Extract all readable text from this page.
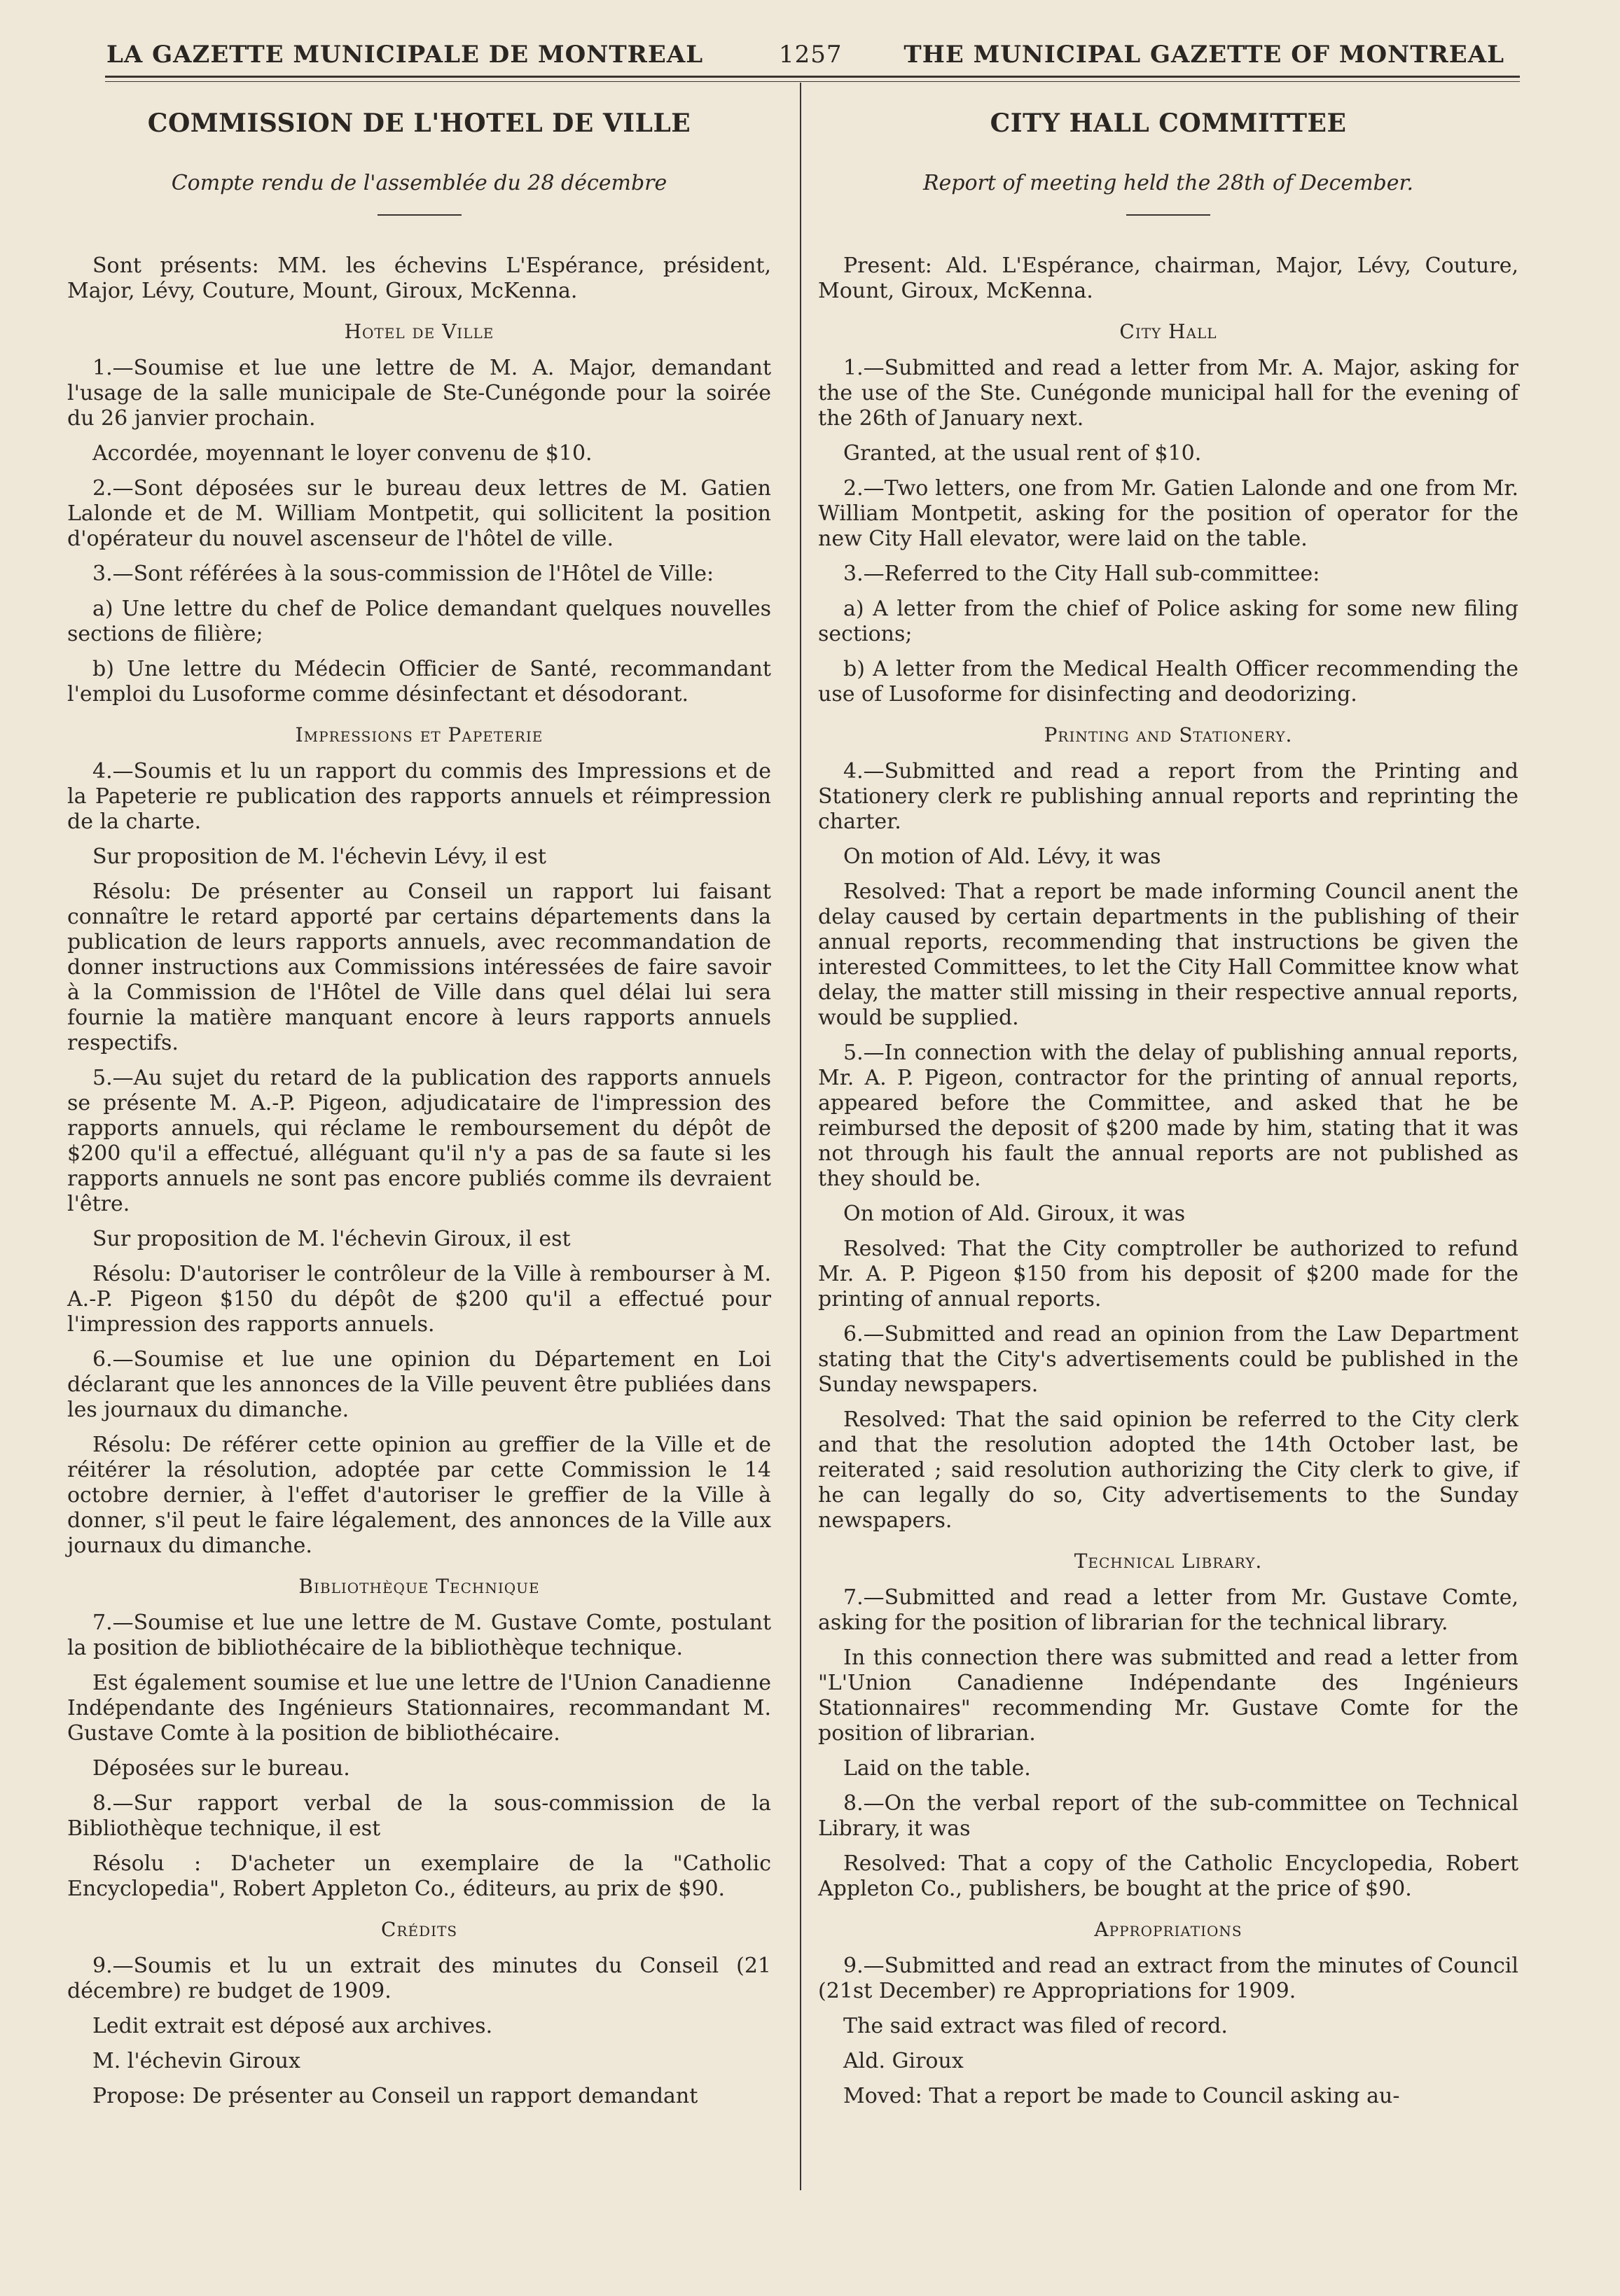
LA GAZETTE MUNICIPALE DE MONTREAL	1257	THE MUNICIPAL GAZETTE OF MONTREAL
COMMISSION DE L'HOTEL DE VILLE
Compte rendu de l'assemblée du 28 décembre

Sont présents: MM. les échevins L'Espérance, président, Major, Lévy, Couture, Mount, Giroux, McKenna.

Hotel de Ville

1.—Soumise et lue une lettre de M. A. Major, demandant l'usage de la salle municipale de Ste-Cunégonde pour la soirée du 26 janvier prochain.

Accordée, moyennant le loyer convenu de $10.

2.—Sont déposées sur le bureau deux lettres de M. Gatien Lalonde et de M. William Montpetit, qui sollicitent la position d'opérateur du nouvel ascenseur de l'hôtel de ville.

3.—Sont référées à la sous-commission de l'Hôtel de Ville:

a) Une lettre du chef de Police demandant quelques nouvelles sections de filière;

b) Une lettre du Médecin Officier de Santé, recommandant l'emploi du Lusoforme comme désinfectant et désodorant.

Impressions et Papeterie

4.—Soumis et lu un rapport du commis des Impressions et de la Papeterie re publication des rapports annuels et réimpression de la charte.

Sur proposition de M. l'échevin Lévy, il est

Résolu: De présenter au Conseil un rapport lui faisant connaître le retard apporté par certains départements dans la publication de leurs rapports annuels, avec recommandation de donner instructions aux Commissions intéressées de faire savoir à la Commission de l'Hôtel de Ville dans quel délai lui sera fournie la matière manquant encore à leurs rapports annuels respectifs.

5.—Au sujet du retard de la publication des rapports annuels se présente M. A.-P. Pigeon, adjudicataire de l'impression des rapports annuels, qui réclame le remboursement du dépôt de $200 qu'il a effectué, alléguant qu'il n'y a pas de sa faute si les rapports annuels ne sont pas encore publiés comme ils devraient l'être.

Sur proposition de M. l'échevin Giroux, il est

Résolu: D'autoriser le contrôleur de la Ville à rembourser à M. A.-P. Pigeon $150 du dépôt de $200 qu'il a effectué pour l'impression des rapports annuels.

6.—Soumise et lue une opinion du Département en Loi déclarant que les annonces de la Ville peuvent être publiées dans les journaux du dimanche.

Résolu: De référer cette opinion au greffier de la Ville et de réitérer la résolution, adoptée par cette Commission le 14 octobre dernier, à l'effet d'autoriser le greffier de la Ville à donner, s'il peut le faire légalement, des annonces de la Ville aux journaux du dimanche.

Bibliothèque Technique

7.—Soumise et lue une lettre de M. Gustave Comte, postulant la position de bibliothécaire de la bibliothèque technique.

Est également soumise et lue une lettre de l'Union Canadienne Indépendante des Ingénieurs Stationnaires, recommandant M. Gustave Comte à la position de bibliothécaire.

Déposées sur le bureau.

8.—Sur rapport verbal de la sous-commission de la Bibliothèque technique, il est

Résolu : D'acheter un exemplaire de la "Catholic Encyclopedia", Robert Appleton Co., éditeurs, au prix de $90.

Crédits

9.—Soumis et lu un extrait des minutes du Conseil (21 décembre) re budget de 1909.

Ledit extrait est déposé aux archives.

M. l'échevin Giroux

Propose: De présenter au Conseil un rapport demandant

CITY HALL COMMITTEE
Report of meeting held the 28th of December.

Present: Ald. L'Espérance, chairman, Major, Lévy, Couture, Mount, Giroux, McKenna.

City Hall

1.—Submitted and read a letter from Mr. A. Major, asking for the use of the Ste. Cunégonde municipal hall for the evening of the 26th of January next.

Granted, at the usual rent of $10.

2.—Two letters, one from Mr. Gatien Lalonde and one from Mr. William Montpetit, asking for the position of operator for the new City Hall elevator, were laid on the table.

3.—Referred to the City Hall sub-committee:

a) A letter from the chief of Police asking for some new filing sections;

b) A letter from the Medical Health Officer recommending the use of Lusoforme for disinfecting and deodorizing.

Printing and Stationery.

4.—Submitted and read a report from the Printing and Stationery clerk re publishing annual reports and reprinting the charter.

On motion of Ald. Lévy, it was

Resolved: That a report be made informing Council anent the delay caused by certain departments in the publishing of their annual reports, recommending that instructions be given the interested Committees, to let the City Hall Committee know what delay, the matter still missing in their respective annual reports, would be supplied.

5.—In connection with the delay of publishing annual reports, Mr. A. P. Pigeon, contractor for the printing of annual reports, appeared before the Committee, and asked that he be reimbursed the deposit of $200 made by him, stating that it was not through his fault the annual reports are not published as they should be.

On motion of Ald. Giroux, it was

Resolved: That the City comptroller be authorized to refund Mr. A. P. Pigeon $150 from his deposit of $200 made for the printing of annual reports.

6.—Submitted and read an opinion from the Law Department stating that the City's advertisements could be published in the Sunday newspapers.

Resolved: That the said opinion be referred to the City clerk and that the resolution adopted the 14th October last, be reiterated ; said resolution authorizing the City clerk to give, if he can legally do so, City advertisements to the Sunday newspapers.

Technical Library.

7.—Submitted and read a letter from Mr. Gustave Comte, asking for the position of librarian for the technical library.

In this connection there was submitted and read a letter from "L'Union Canadienne Indépendante des Ingénieurs Stationnaires" recommending Mr. Gustave Comte for the position of librarian.

Laid on the table.

8.—On the verbal report of the sub-committee on Technical Library, it was

Resolved: That a copy of the Catholic Encyclopedia, Robert Appleton Co., publishers, be bought at the price of $90.

Appropriations

9.—Submitted and read an extract from the minutes of Council (21st December) re Appropriations for 1909.

The said extract was filed of record.

Ald. Giroux

Moved: That a report be made to Council asking au-
